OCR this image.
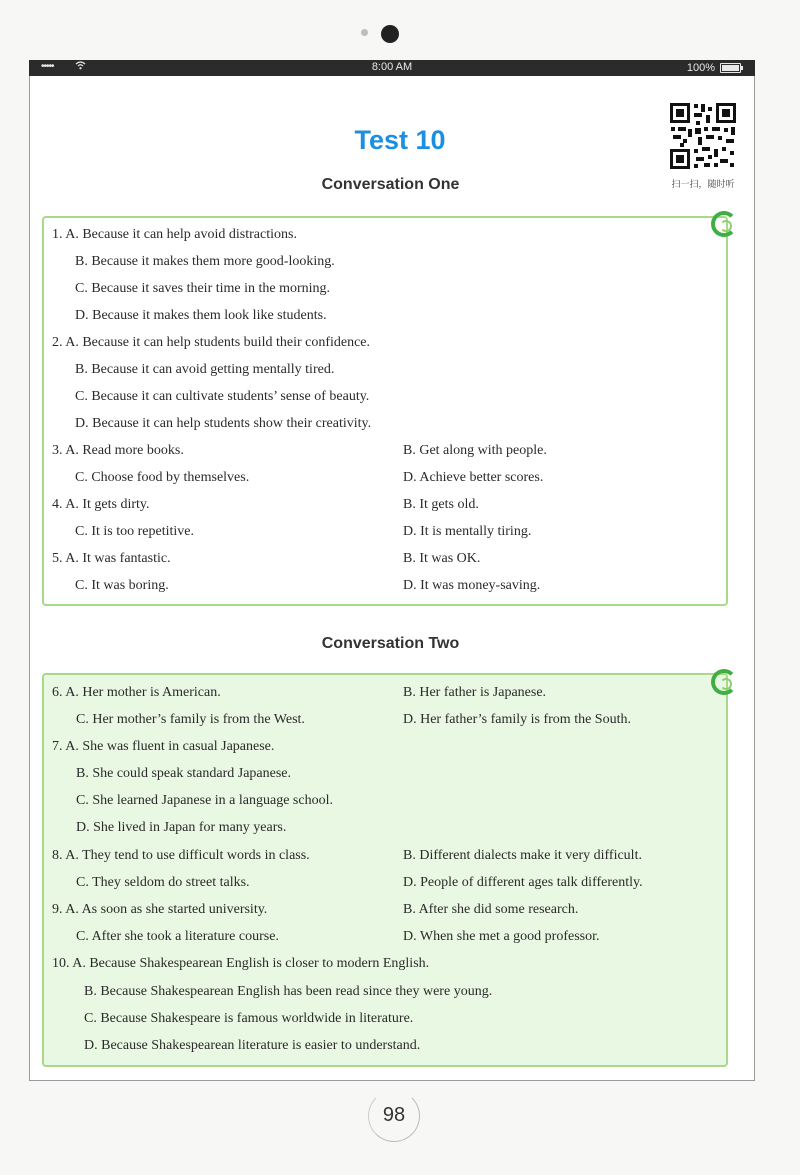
•••••	8:00 AM	100%
扫一扫，随时听
Test 10
Conversation One
Conversation Two
1. A. Because it can help avoid distractions.
B. Because it makes them more good-looking.
C. Because it saves their time in the morning.
D. Because it makes them look like students.
2. A. Because it can help students build their confidence.
B. Because it can avoid getting mentally tired.
C. Because it can cultivate students’ sense of beauty.
D. Because it can help students show their creativity.
3. A. Read more books.	B. Get along with people.
C. Choose food by themselves.	D. Achieve better scores.
4. A. It gets dirty.	B. It gets old.
C. It is too repetitive.	D. It is mentally tiring.
5. A. It was fantastic.	B. It was OK.
C. It was boring.	D. It was money-saving.
6. A. Her mother is American.	B. Her father is Japanese.
C. Her mother’s family is from the West.	D. Her father’s family is from the South.
7. A. She was fluent in casual Japanese.
B. She could speak standard Japanese.
C. She learned Japanese in a language school.
D. She lived in Japan for many years.
8. A. They tend to use difficult words in class.	B. Different dialects make it very difficult.
C. They seldom do street talks.	D. People of different ages talk differently.
9. A. As soon as she started university.	B. After she did some research.
C. After she took a literature course.	D. When she met a good professor.
10. A. Because Shakespearean English is closer to modern English.
B. Because Shakespearean English has been read since they were young.
C. Because Shakespeare is famous worldwide in literature.
D. Because Shakespearean literature is easier to understand.
98
